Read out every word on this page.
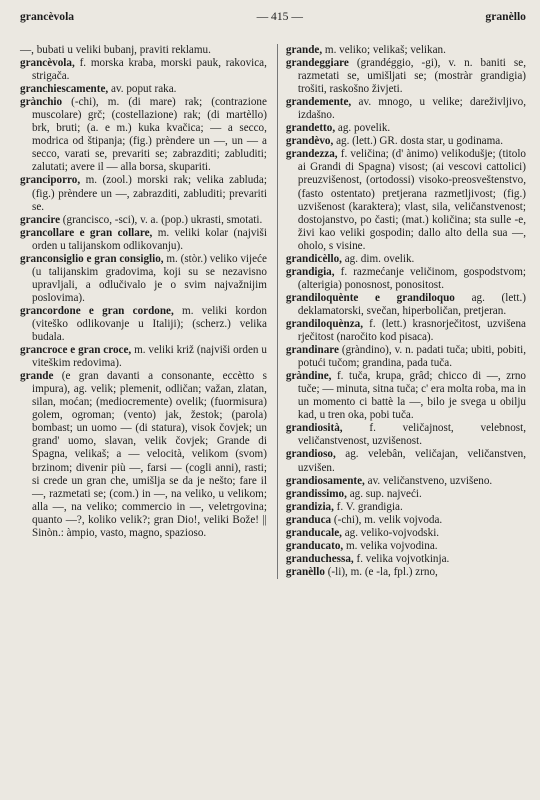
grancèvola	— 415 —	granèllo

—, bubati u veliki bubanj, praviti reklamu.

grancèvola, f. morska kraba, morski pauk, rakovica, strigača.

granchiescamente, av. poput raka.

grànchio (-chi), m. (di mare) rak; (contrazione muscolare) grč; (costellazione) rak; (di martèllo) brk, bruti; (a. e m.) kuka kvačica; — a secco, modrica od štipanja; (fig.) prèndere un —, un — a secco, varati se, prevariti se; zabrazditi; zabluditi; zalutati; avere il — alla borsa, skupariti.

granciporro, m. (zool.) morski rak; velika zabluda; (fig.) prèndere un —, zabrazditi, zabluditi; prevariti se.

grancire (grancisco, -sci), v. a. (pop.) ukrasti, smotati.

grancollare e gran collare, m. veliki kolar (najviši orden u talijanskom odlikovanju).

granconsiglio e gran consiglio, m. (stòr.) veliko vijeće (u talijanskim gradovima, koji su se nezavisno upravljali, a odlučivalo je o svim najvažnijim poslovima).

grancordone e gran cordone, m. veliki kordon (viteško odlikovanje u Italiji); (scherz.) velika budala.

grancroce e gran croce, m. veliki križ (najviši orden u viteškim redovima).

grande (e gran davanti a consonante, eccètto s impura), ag. velik; plemenit, odličan; važan, zlatan, silan, moćan; (mediocremente) ovelik; (fuormisura) golem, ogroman; (vento) jak, žestok; (parola) bombast; un uomo — (di statura), visok čovjek; un grand' uomo, slavan, velik čovjek; Grande di Spagna, velikaš; a — velocità, velikom (svom) brzinom; divenir più —, farsi — (cogli anni), rasti; si crede un gran che, umišlja se da je nešto; fare il —, razmetati se; (com.) in —, na veliko, u velikom; alla —, na veliko; commercio in —, veletrgovina; quanto —?, koliko velik?; gran Dio!, veliki Bože! || Sinòn.: àmpio, vasto, magno, spazioso.

grande, m. veliko; velikaš; velikan.

grandeggiare (grandéggio, -gi), v. n. baniti se, razmetati se, umišljati se; (mostràr grandigia) trošiti, raskošno živjeti.

grandemente, av. mnogo, u velike; dareživljivo, izdašno.

grandetto, ag. povelik.

grandèvo, ag. (lett.) GR. dosta star, u godinama.

grandezza, f. veličina; (d' ànimo) velikodušje; (titolo ai Grandi di Spagna) visost; (ai vescovi cattolici) preuzvišenost, (ortodossi) visoko-preosveštenstvo, (fasto ostentato) pretjerana razmetljivost; (fig.) uzvišenost (karaktera); vlast, sila, veličanstvenost; dostojanstvo, po časti; (mat.) količina; sta sulle -e, živi kao veliki gospodin; dallo alto della sua —, oholo, s visine.

grandicèllo, ag. dim. ovelik.

grandigia, f. razmećanje veličinom, gospodstvom; (alterigia) ponosnost, ponositost.

grandiloquènte e grandiloquo ag. (lett.) deklamatorski, svečan, hiperboličan, pretjeran.

grandiloquènza, f. (lett.) krasnorječitost, uzvišena rječitost (naročito kod pisaca).

grandinare (gràndino), v. n. padati tuča; ubiti, pobiti, potući tučom; grandina, pada tuča.

gràndine, f. tuča, krupa, grâd; chicco di —, zrno tuče; — minuta, sitna tuča; c' era molta roba, ma in un momento ci battè la —, bilo je svega u obilju kad, u tren oka, pobi tuča.

grandiosità, f. veličajnost, velebnost, veličanstvenost, uzvišenost.

grandioso, ag. velebân, veličajan, veličanstven, uzvišen.

grandiosamente, av. veličanstveno, uzvišeno.

grandissimo, ag. sup. najveći.

grandizia, f. V. grandigia.

granduca (-chi), m. velik vojvoda.

granducale, ag. veliko-vojvodski.

granducato, m. velika vojvodina.

granduchessa, f. velika vojvotkinja.

granèllo (-li), m. (e -la, fpl.) zrno,
